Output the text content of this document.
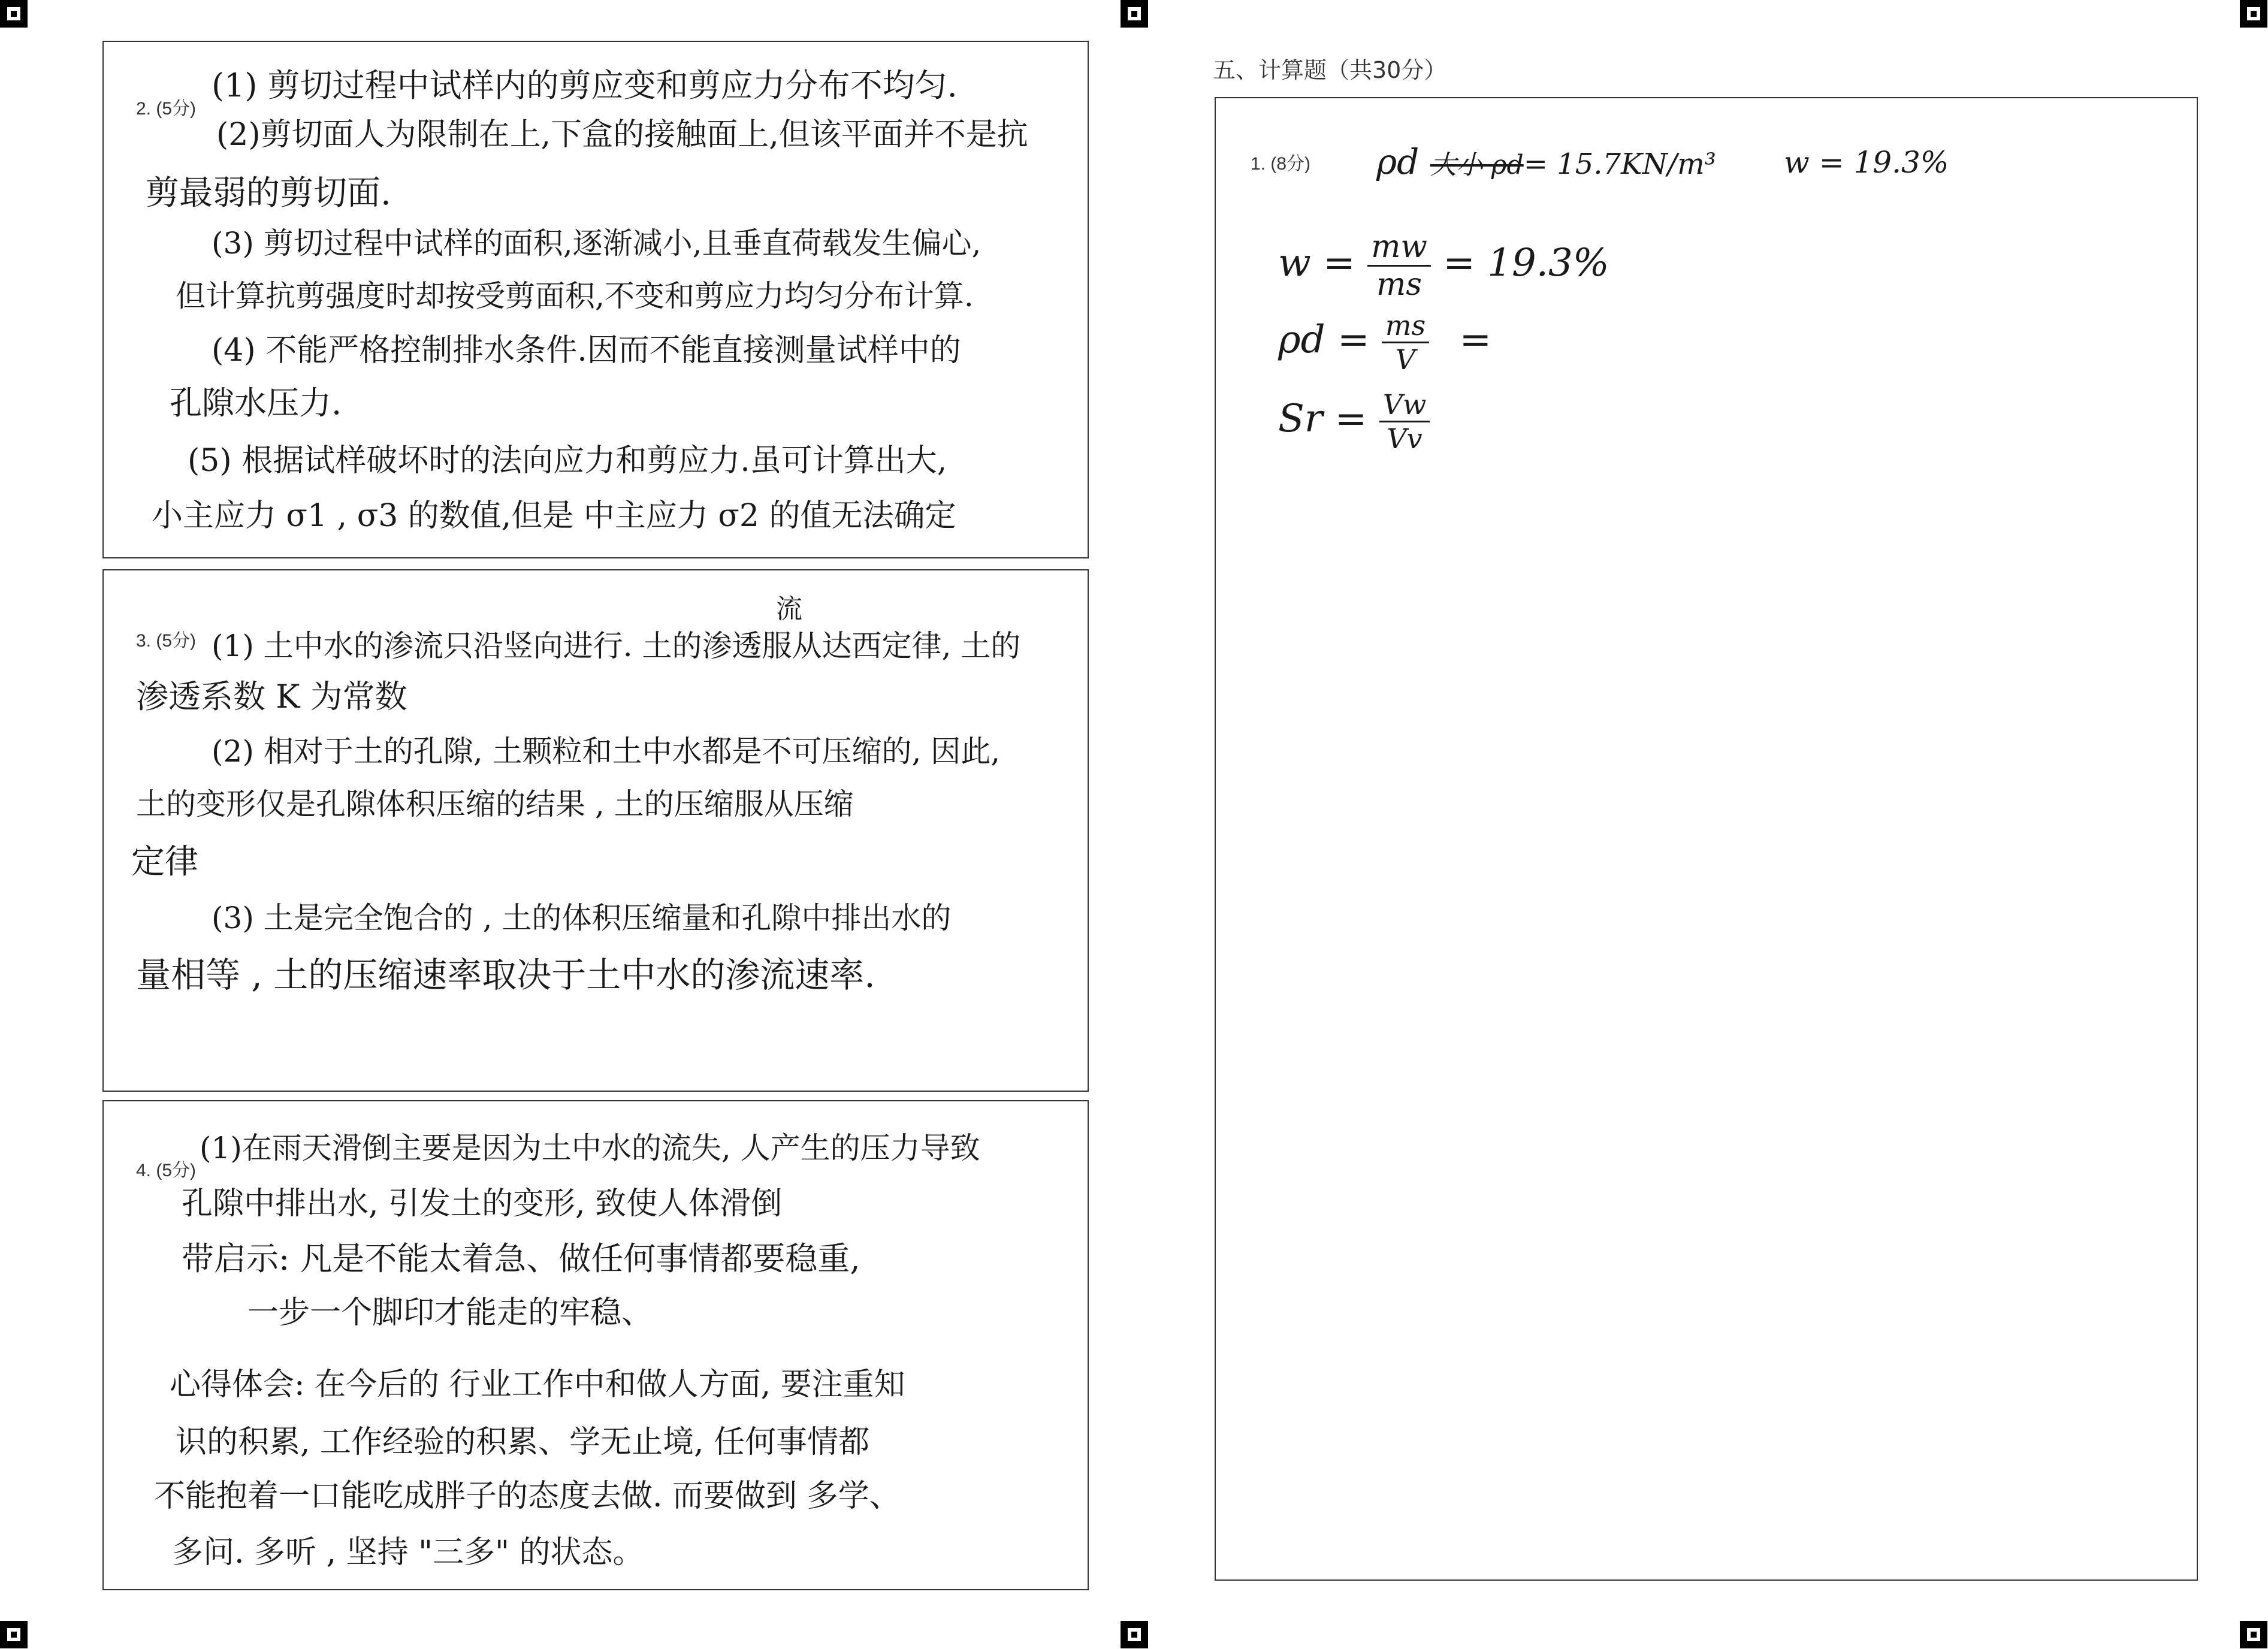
2. (5分)
(1) 剪切过程中试样内的剪应变和剪应力分布不均匀.
(2)剪切面人为限制在上,下盒的接触面上,但该平面并不是抗
剪最弱的剪切面.
(3) 剪切过程中试样的面积,逐渐减小,且垂直荷载发生偏心,
但计算抗剪强度时却按受剪面积,不变和剪应力均匀分布计算.
(4) 不能严格控制排水条件.因而不能直接测量试样中的
孔隙水压力.
(5) 根据试样破坏时的法向应力和剪应力.虽可计算出大,
小主应力 σ1 , σ3 的数值,但是 中主应力 σ2 的值无法确定
3. (5分)
流
(1) 土中水的渗流只沿竖向进行. 土的渗透服从达西定律, 土的
渗透系数 K 为常数
(2) 相对于土的孔隙, 土颗粒和土中水都是不可压缩的, 因此,
土的变形仅是孔隙体积压缩的结果 , 土的压缩服从压缩
定律
(3) 土是完全饱合的 , 土的体积压缩量和孔隙中排出水的
量相等 , 土的压缩速率取决于土中水的渗流速率.
4. (5分)
(1)在雨天滑倒主要是因为土中水的流失, 人产生的压力导致
孔隙中排出水, 引发土的变形, 致使人体滑倒
带启示: 凡是不能太着急、做任何事情都要稳重,
一步一个脚印才能走的牢稳、
心得体会: 在今后的 行业工作中和做人方面, 要注重知
识的积累, 工作经验的积累、学无止境, 任何事情都
不能抱着一口能吃成胖子的态度去做. 而要做到 多学、
多问. 多听 , 坚持 "三多" 的状态。
五、计算题（共30分）
1. (8分) ρd 大小 ρd= 15.7KN/m³ w = 19.3%
$w = \frac{mw}{ms} = 19.3\%$
$\rho d = \frac{ms}{V}$ =
$Sr = \frac{Vw}{Vv}$
